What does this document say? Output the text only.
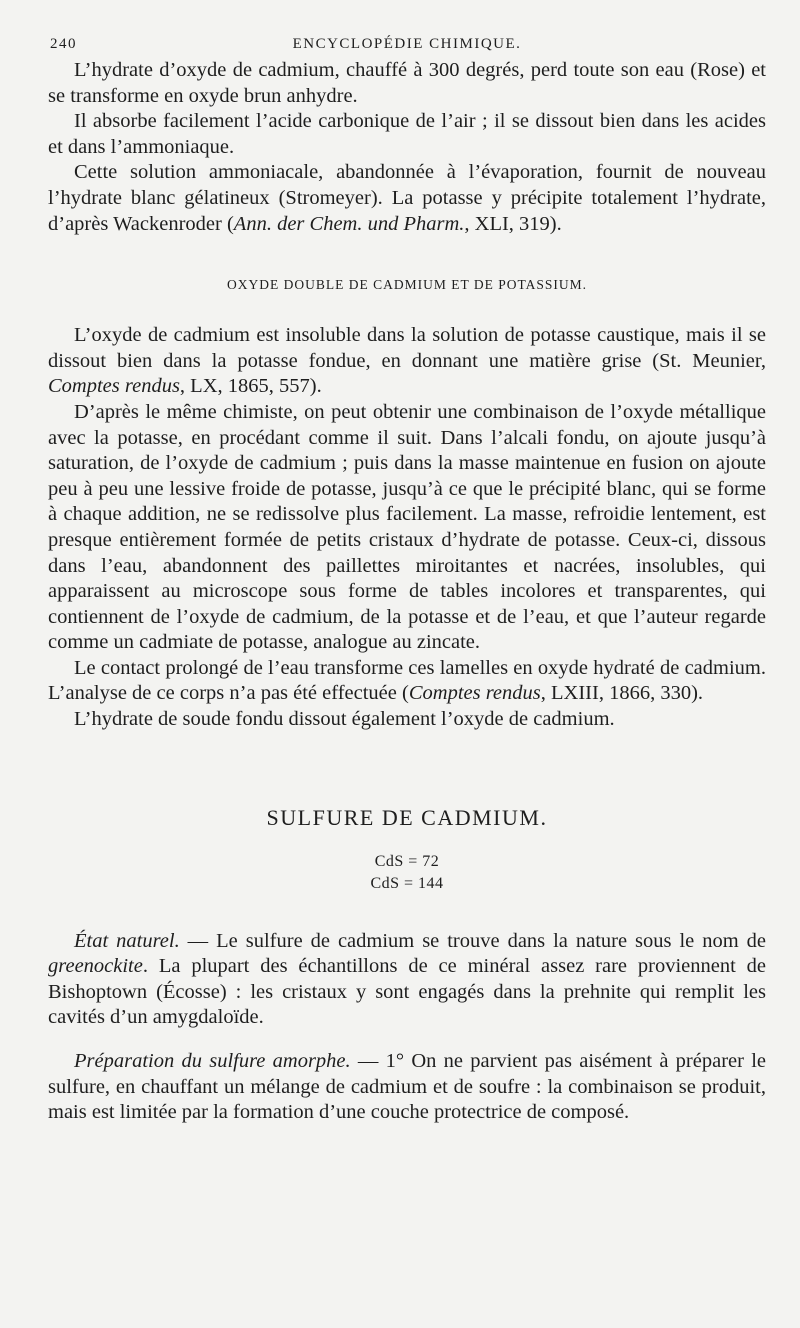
240	ENCYCLOPÉDIE CHIMIQUE.

L’hydrate d’oxyde de cadmium, chauffé à 300 degrés, perd toute son eau (Rose) et se transforme en oxyde brun anhydre.

Il absorbe facilement l’acide carbonique de l’air ; il se dissout bien dans les acides et dans l’ammoniaque.

Cette solution ammoniacale, abandonnée à l’évaporation, fournit de nouveau l’hydrate blanc gélatineux (Stromeyer). La potasse y précipite totalement l’hydrate, d’après Wackenroder (Ann. der Chem. und Pharm., XLI, 319).

OXYDE DOUBLE DE CADMIUM ET DE POTASSIUM.

L’oxyde de cadmium est insoluble dans la solution de potasse caustique, mais il se dissout bien dans la potasse fondue, en donnant une matière grise (St. Meunier, Comptes rendus, LX, 1865, 557).

D’après le même chimiste, on peut obtenir une combinaison de l’oxyde métallique avec la potasse, en procédant comme il suit. Dans l’alcali fondu, on ajoute jusqu’à saturation, de l’oxyde de cadmium ; puis dans la masse maintenue en fusion on ajoute peu à peu une lessive froide de potasse, jusqu’à ce que le précipité blanc, qui se forme à chaque addition, ne se redissolve plus facilement. La masse, refroidie lentement, est presque entièrement formée de petits cristaux d’hydrate de potasse. Ceux-ci, dissous dans l’eau, abandonnent des paillettes miroitantes et nacrées, insolubles, qui apparaissent au microscope sous forme de tables incolores et transparentes, qui contiennent de l’oxyde de cadmium, de la potasse et de l’eau, et que l’auteur regarde comme un cadmiate de potasse, analogue au zincate.

Le contact prolongé de l’eau transforme ces lamelles en oxyde hydraté de cadmium. L’analyse de ce corps n’a pas été effectuée (Comptes rendus, LXIII, 1866, 330).

L’hydrate de soude fondu dissout également l’oxyde de cadmium.

SULFURE DE CADMIUM.
CdS = 72
CdS = 144

État naturel. — Le sulfure de cadmium se trouve dans la nature sous le nom de greenockite. La plupart des échantillons de ce minéral assez rare proviennent de Bishoptown (Écosse) : les cristaux y sont engagés dans la prehnite qui remplit les cavités d’un amygdaloïde.

Préparation du sulfure amorphe. — 1° On ne parvient pas aisément à préparer le sulfure, en chauffant un mélange de cadmium et de soufre : la combinaison se produit, mais est limitée par la formation d’une couche protectrice de composé.
